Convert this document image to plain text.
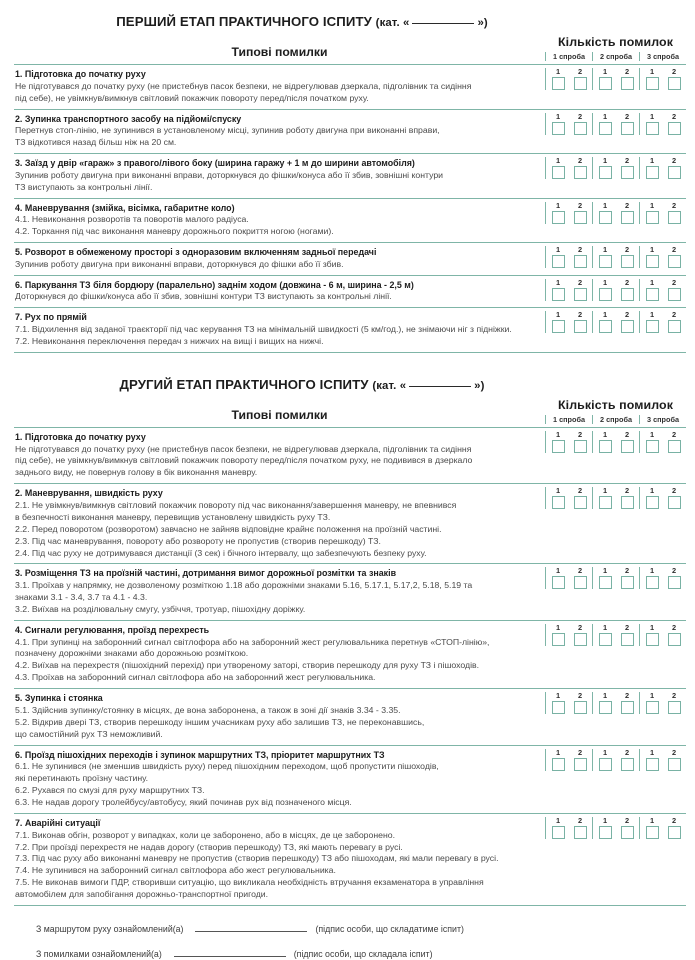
ПЕРШИЙ ЕТАП ПРАКТИЧНОГО ІСПИТУ (кат. «	»)
Типові помилки
Кількість помилок
1 спроба	2 спроба	3 спроба
1. Підготовка до початку руху
Не підготувався до початку руху (не пристебнув пасок безпеки, не відрегулював дзеркала, підголівник та сидіння
під себе), не увімкнув/вимкнув світловий покажчик повороту перед/після початком руху.
1 2	1 2	1 2
2. Зупинка транспортного засобу на підйомі/спуску
Перетнув стоп-лінію, не зупинився в установленому місці, зупинив роботу двигуна при виконанні вправи,
ТЗ відкотився назад більш ніж на 20 см.
1 2	1 2	1 2
3. Заїзд у двір «гараж» з правого/лівого боку (ширина гаражу + 1 м до ширини автомобіля)
Зупинив роботу двигуна при виконанні вправи, доторкнувся до фішки/конуса або її збив, зовнішні контури
ТЗ виступають за контрольні лінії.
1 2	1 2	1 2
4. Маневрування (змійка, вісімка, габаритне коло)
4.1. Невиконання розворотів та поворотів малого радіуса.
4.2. Торкання під час виконання маневру дорожнього покриття ногою (ногами).
1 2	1 2	1 2
5. Розворот в обмеженому просторі з одноразовим включенням задньої передачі
Зупинив роботу двигуна при виконанні вправи, доторкнувся до фішки або її збив.
1 2	1 2	1 2
6. Паркування ТЗ біля бордюру (паралельно) заднім ходом (довжина - 6 м, ширина - 2,5 м)
Доторкнувся до фішки/конуса або її збив, зовнішні контури ТЗ виступають за контрольні лінії.
1 2	1 2	1 2
7. Рух по прямій
7.1. Відхилення від заданої траєкторії під час керування ТЗ на мінімальній швидкості (5 км/год.), не знімаючи ніг з підніжки.
7.2. Невиконання переключення передач з нижчих на вищі і вищих на нижчі.
1 2	1 2	1 2
ДРУГИЙ ЕТАП ПРАКТИЧНОГО ІСПИТУ (кат. «	»)
Типові помилки
Кількість помилок
1 спроба	2 спроба	3 спроба
1. Підготовка до початку руху
Не підготувався до початку руху (не пристебнув пасок безпеки, не відрегулював дзеркала, підголівник та сидіння
під себе), не увімкнув/вимкнув світловий покажчик повороту перед/після початком руху, не подивився в дзеркало
заднього виду, не повернув голову в бік виконання маневру.
1 2	1 2	1 2
2. Маневрування, швидкість руху
2.1. Не увімкнув/вимкнув світловий покажчик повороту під час виконання/завершення маневру, не впевнився
в безпечності виконання маневру, перевищив установлену швидкість руху ТЗ.
2.2. Перед поворотом (розворотом) завчасно не зайняв відповідне крайнє положення на проїзній частині.
2.3. Під час маневрування, повороту або розвороту не пропустив (створив перешкоду) ТЗ.
2.4. Під час руху не дотримувався дистанції (3 сек) і бічного інтервалу, що забезпечують безпеку руху.
1 2	1 2	1 2
3. Розміщення ТЗ на проїзній частині, дотримання вимог дорожньої розмітки та знаків
3.1. Проїхав у напрямку, не дозволеному розміткою 1.18 або дорожніми знаками 5.16, 5.17.1, 5.17,2, 5.18, 5.19 та
знаками 3.1 - 3.4, 3.7 та 4.1 - 4.3.
3.2. Виїхав на розділювальну смугу, узбіччя, тротуар, пішохідну доріжку.
1 2	1 2	1 2
4. Сигнали регулювання, проїзд перехресть
4.1. При зупинці на заборонний сигнал світлофора або на заборонний жест регулювальника перетнув «СТОП-лінію»,
позначену дорожніми знаками або дорожньою розміткою.
4.2. Виїхав на перехрестя (пішохідний перехід) при утвореному заторі, створив перешкоду для руху ТЗ і пішоходів.
4.3. Проїхав на заборонний сигнал світлофора або на заборонний жест регулювальника.
1 2	1 2	1 2
5. Зупинка і стоянка
5.1. Здійснив зупинку/стоянку в місцях, де вона заборонена, а також в зоні дії знаків 3.34 - 3.35.
5.2. Відкрив двері ТЗ, створив перешкоду іншим учасникам руху або залишив ТЗ, не переконавшись,
що самостійний рух ТЗ неможливий.
1 2	1 2	1 2
6. Проїзд пішохідних переходів і зупинок маршрутних ТЗ, пріоритет маршрутних ТЗ
6.1. Не зупинився (не зменшив швидкість руху) перед пішохідним переходом, щоб пропустити пішоходів,
які перетинають проїзну частину.
6.2. Рухався по смузі для руху маршрутних ТЗ.
6.3. Не надав дорогу тролейбусу/автобусу, який починав рух від позначеного місця.
1 2	1 2	1 2
7. Аварійні ситуації
7.1. Виконав обгін, розворот у випадках, коли це заборонено, або в місцях, де це заборонено.
7.2. При проїзді перехрестя не надав дорогу (створив перешкоду) ТЗ, які мають перевагу в русі.
7.3. Під час руху або виконанні маневру не пропустив (створив перешкоду) ТЗ або пішоходам, які мали перевагу в русі.
7.4. Не зупинився на заборонний сигнал світлофора або жест регулювальника.
7.5. Не виконав вимоги ПДР, створивши ситуацію, що викликала необхідність втручання екзаменатора в управління
автомобілем для запобігання дорожньо-транспортної пригоди.
1 2	1 2	1 2
З маршрутом руху ознайомлений(а)	(підпис особи, що складатиме іспит)
З помилками ознайомлений(а)	(підпис особи, що складала іспит)
